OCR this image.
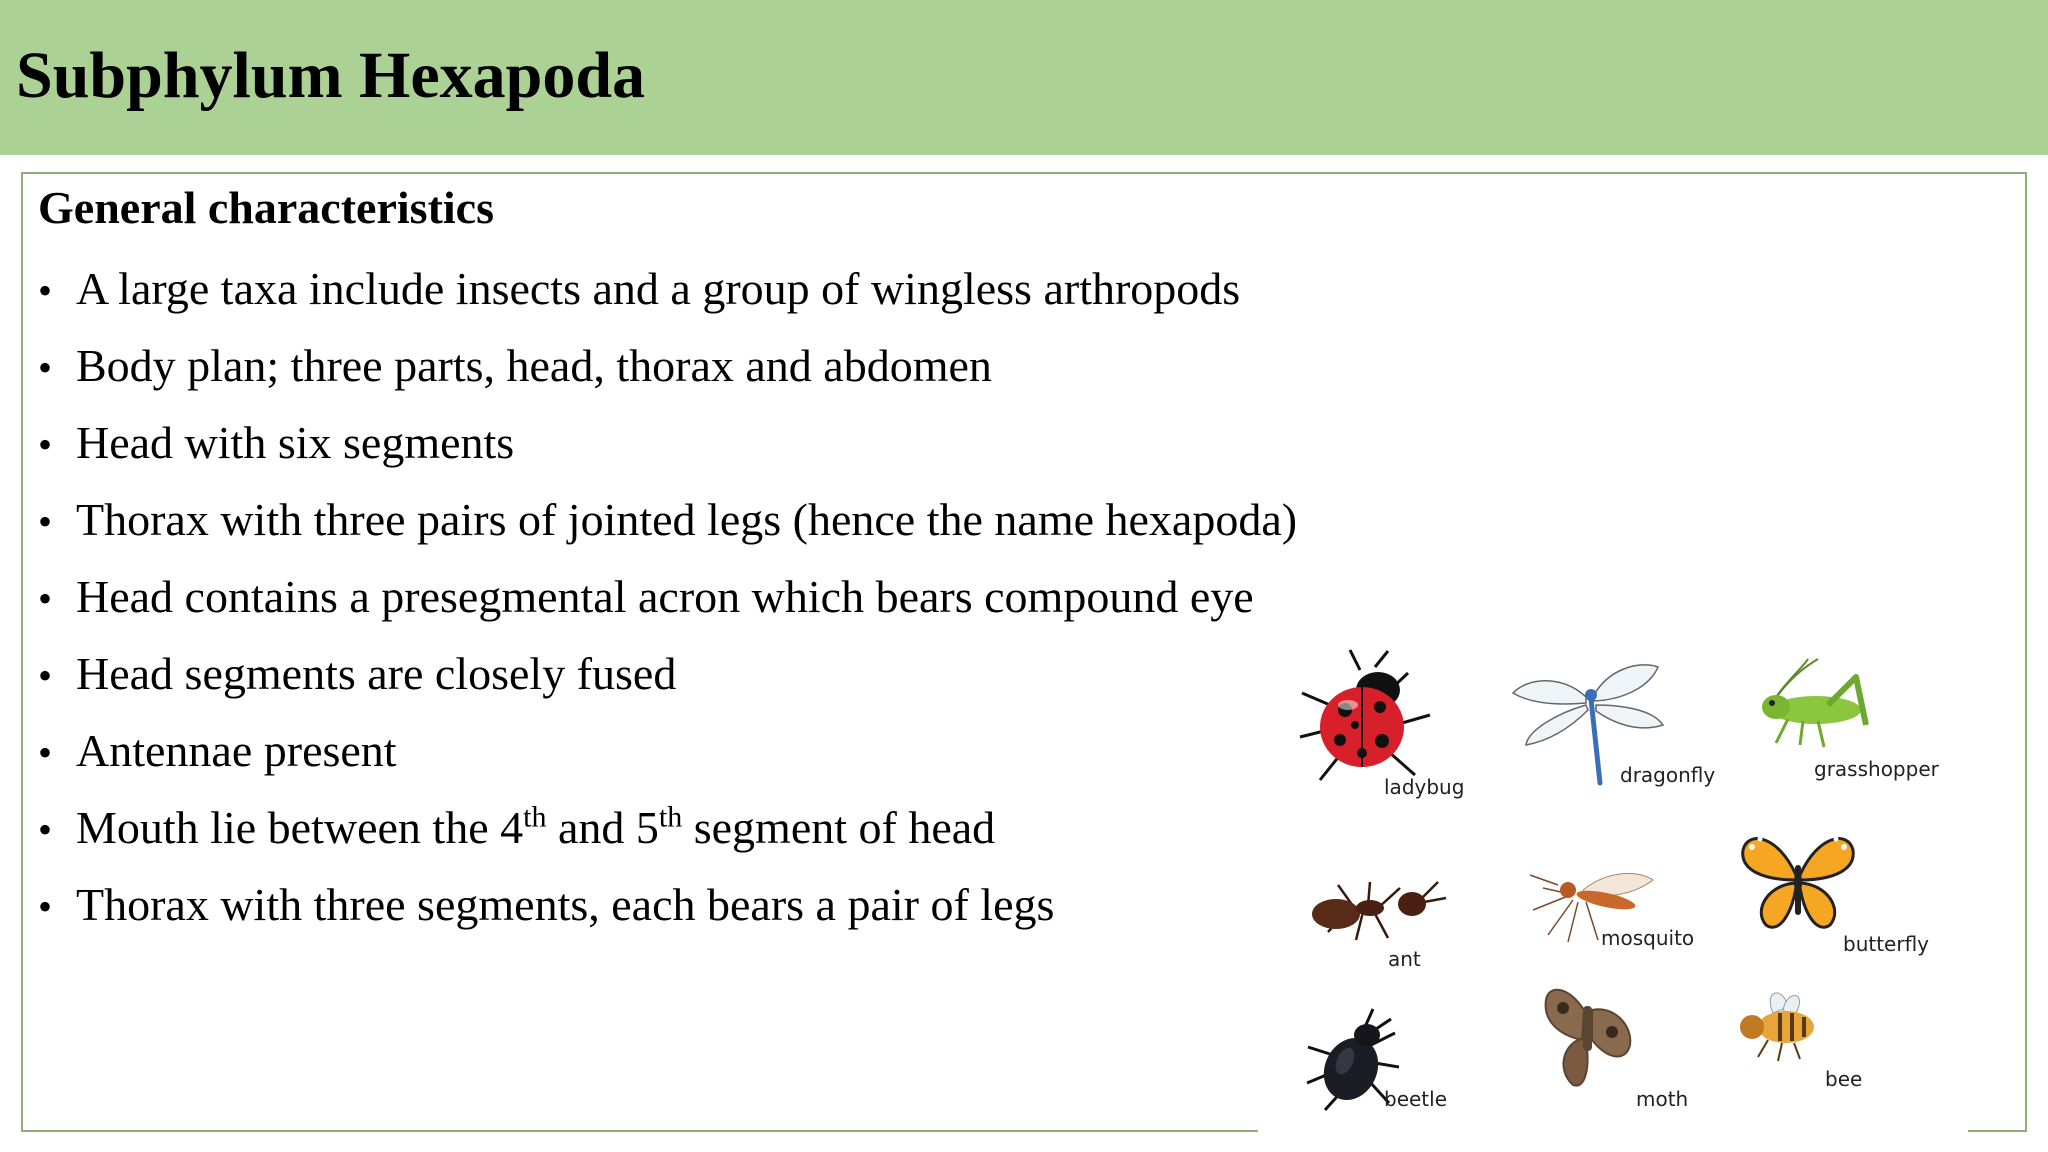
Subphylum Hexapoda
General characteristics
• A large taxa include insects and a group of wingless arthropods
• Body plan; three parts, head, thorax and abdomen
• Head with six segments
• Thorax with three pairs of jointed legs (hence the name hexapoda)
• Head contains a presegmental acron which bears compound eye
• Head segments are closely fused
• Antennae present
• Mouth lie between the 4th and 5th segment of head
• Thorax with three segments, each bears a pair of legs
ladybug	dragonfly	grasshopper
ant
mosquito	butterfly
beetle	moth
bee
